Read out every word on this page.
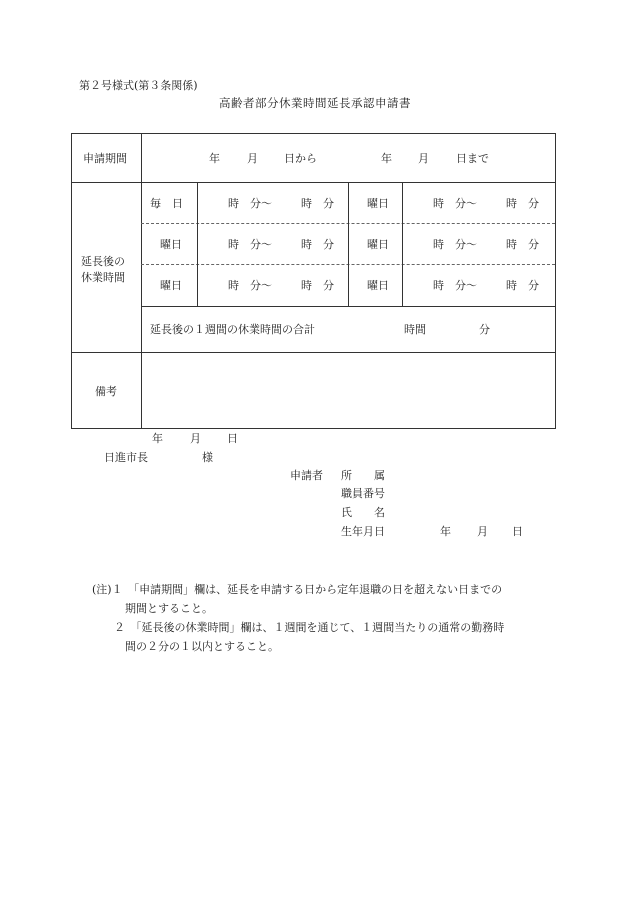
第２号様式(第３条関係)
高齢者部分休業時間延長承認申請書
申請期間	年 月 日から	年 月 日まで
延長後の
休業時間
毎　日	時　分～	時　分	曜日	時　分～	時　分
曜日	時　分～	時　分	曜日	時　分～	時　分
曜日	時　分～	時　分	曜日	時　分～	時　分
延長後の１週間の休業時間の合計	時間	分
備考
年 月 日
日進市長	様
申請者 所　　属
職員番号
氏　　名
生年月日	年 月 日
(注)１　「申請期間」欄は、延長を申請する日から定年退職の日を超えない日までの
　　　期間とすること。
　　２　「延長後の休業時間」欄は、１週間を通じて、１週間当たりの通常の勤務時
　　　間の２分の１以内とすること。
